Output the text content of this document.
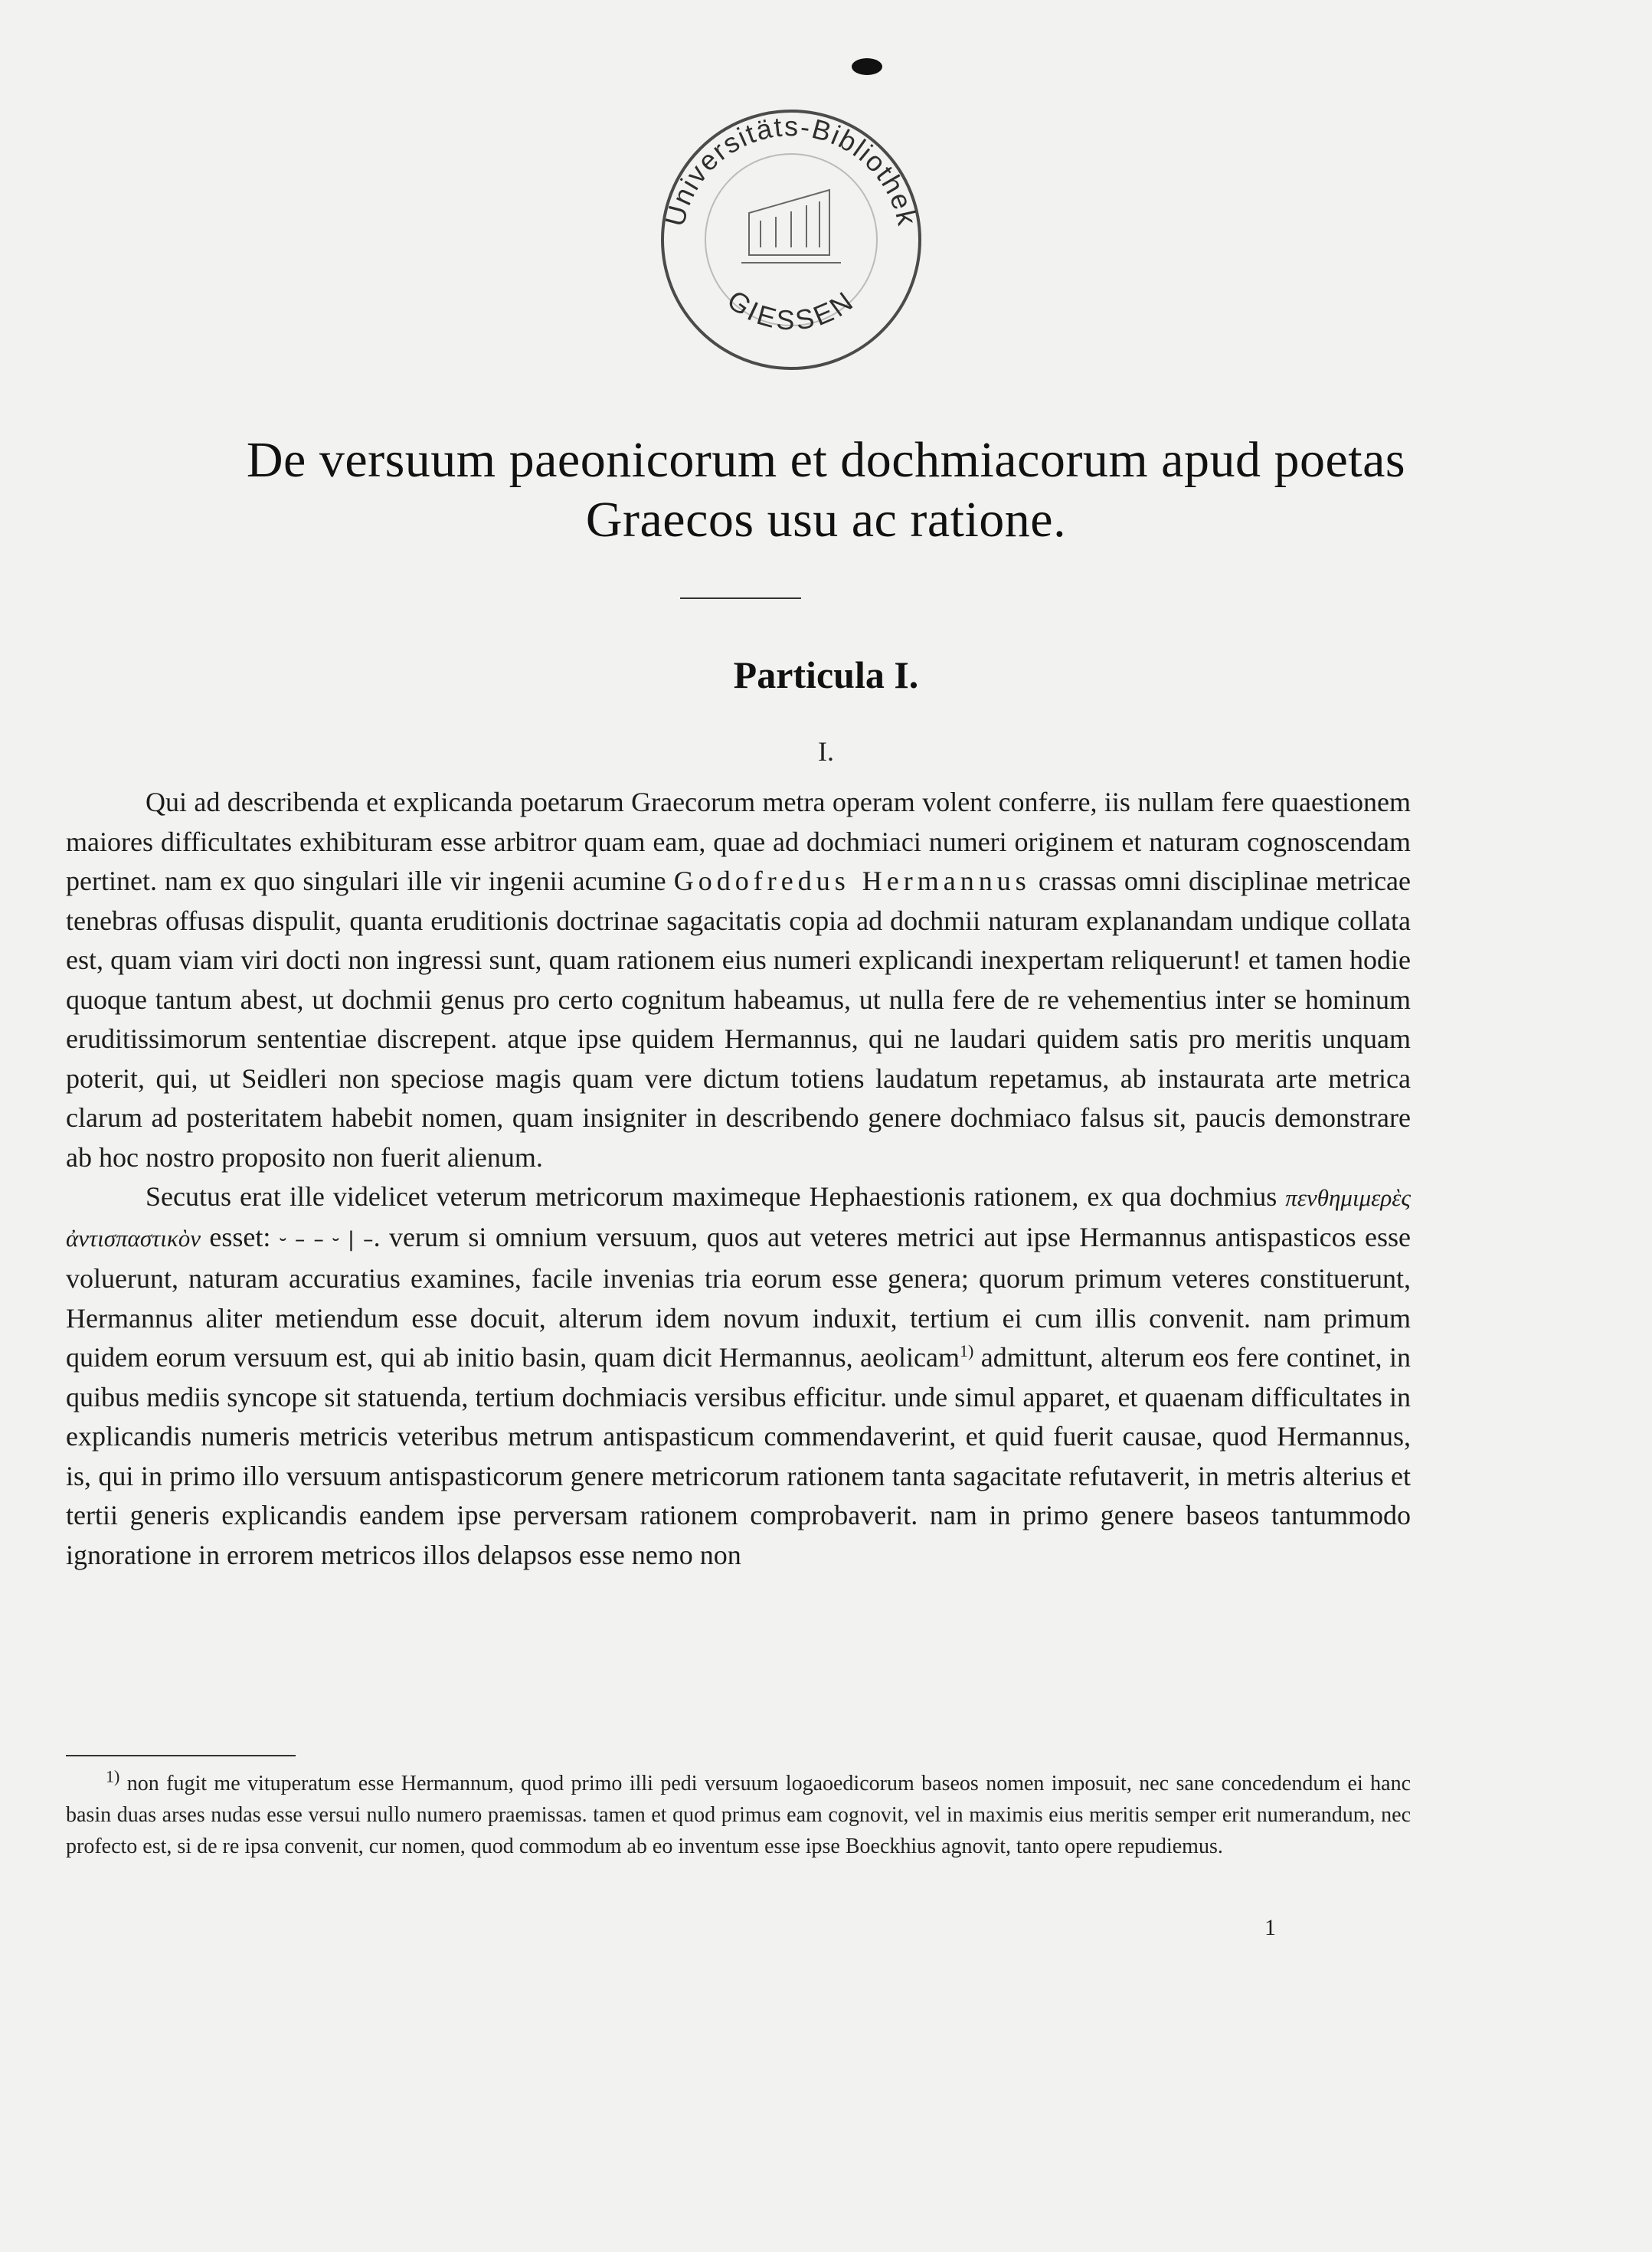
Universitäts-Bibliothek
GIESSEN
De versuum paeonicorum et dochmiacorum apud poetas
Graecos usu ac ratione.
Particula I.
I.

Qui ad describenda et explicanda poetarum Graecorum metra operam volent conferre, iis nullam fere quaestionem maiores difficultates exhibituram esse arbitror quam eam, quae ad dochmiaci numeri originem et naturam cognoscendam pertinet. nam ex quo singulari ille vir ingenii acumine Godofredus Hermannus crassas omni disciplinae metricae tenebras offusas dispulit, quanta eruditionis doctrinae sagacitatis copia ad dochmii naturam explanandam undique collata est, quam viam viri docti non ingressi sunt, quam rationem eius numeri explicandi inexpertam reliquerunt! et tamen hodie quoque tantum abest, ut dochmii genus pro certo cognitum habeamus, ut nulla fere de re vehementius inter se hominum eruditissimorum sententiae discrepent. atque ipse quidem Hermannus, qui ne laudari quidem satis pro meritis unquam poterit, qui, ut Seidleri non speciose magis quam vere dictum totiens laudatum repetamus, ab instaurata arte metrica clarum ad posteritatem habebit nomen, quam insigniter in describendo genere dochmiaco falsus sit, paucis demonstrare ab hoc nostro proposito non fuerit alienum.

Secutus erat ille videlicet veterum metricorum maximeque Hephaestionis rationem, ex qua dochmius πενθημιμερὲς ἀντισπαστικὸν esset: ⏑ – – ⏑ | –. verum si omnium versuum, quos aut veteres metrici aut ipse Hermannus antispasticos esse voluerunt, naturam accuratius examines, facile invenias tria eorum esse genera; quorum primum veteres constituerunt, Hermannus aliter metiendum esse docuit, alterum idem novum induxit, tertium ei cum illis convenit. nam primum quidem eorum versuum est, qui ab initio basin, quam dicit Hermannus, aeolicam$^{1)}$ admittunt, alterum eos fere continet, in quibus mediis syncope sit statuenda, tertium dochmiacis versibus efficitur. unde simul apparet, et quaenam difficultates in explicandis numeris metricis veteribus metrum antispasticum commendaverint, et quid fuerit causae, quod Hermannus, is, qui in primo illo versuum antispasticorum genere metricorum rationem tanta sagacitate refutaverit, in metris alterius et tertii generis explicandis eandem ipse perversam rationem comprobaverit. nam in primo genere baseos tantummodo ignoratione in errorem metricos illos delapsos esse nemo non

$^{1)}$ non fugit me vituperatum esse Hermannum, quod primo illi pedi versuum logaoedicorum baseos nomen imposuit, nec sane concedendum ei hanc basin duas arses nudas esse versui nullo numero praemissas. tamen et quod primus eam cognovit, vel in maximis eius meritis semper erit numerandum, nec profecto est, si de re ipsa convenit, cur nomen, quod commodum ab eo inventum esse ipse Boeckhius agnovit, tanto opere repudiemus.

1
